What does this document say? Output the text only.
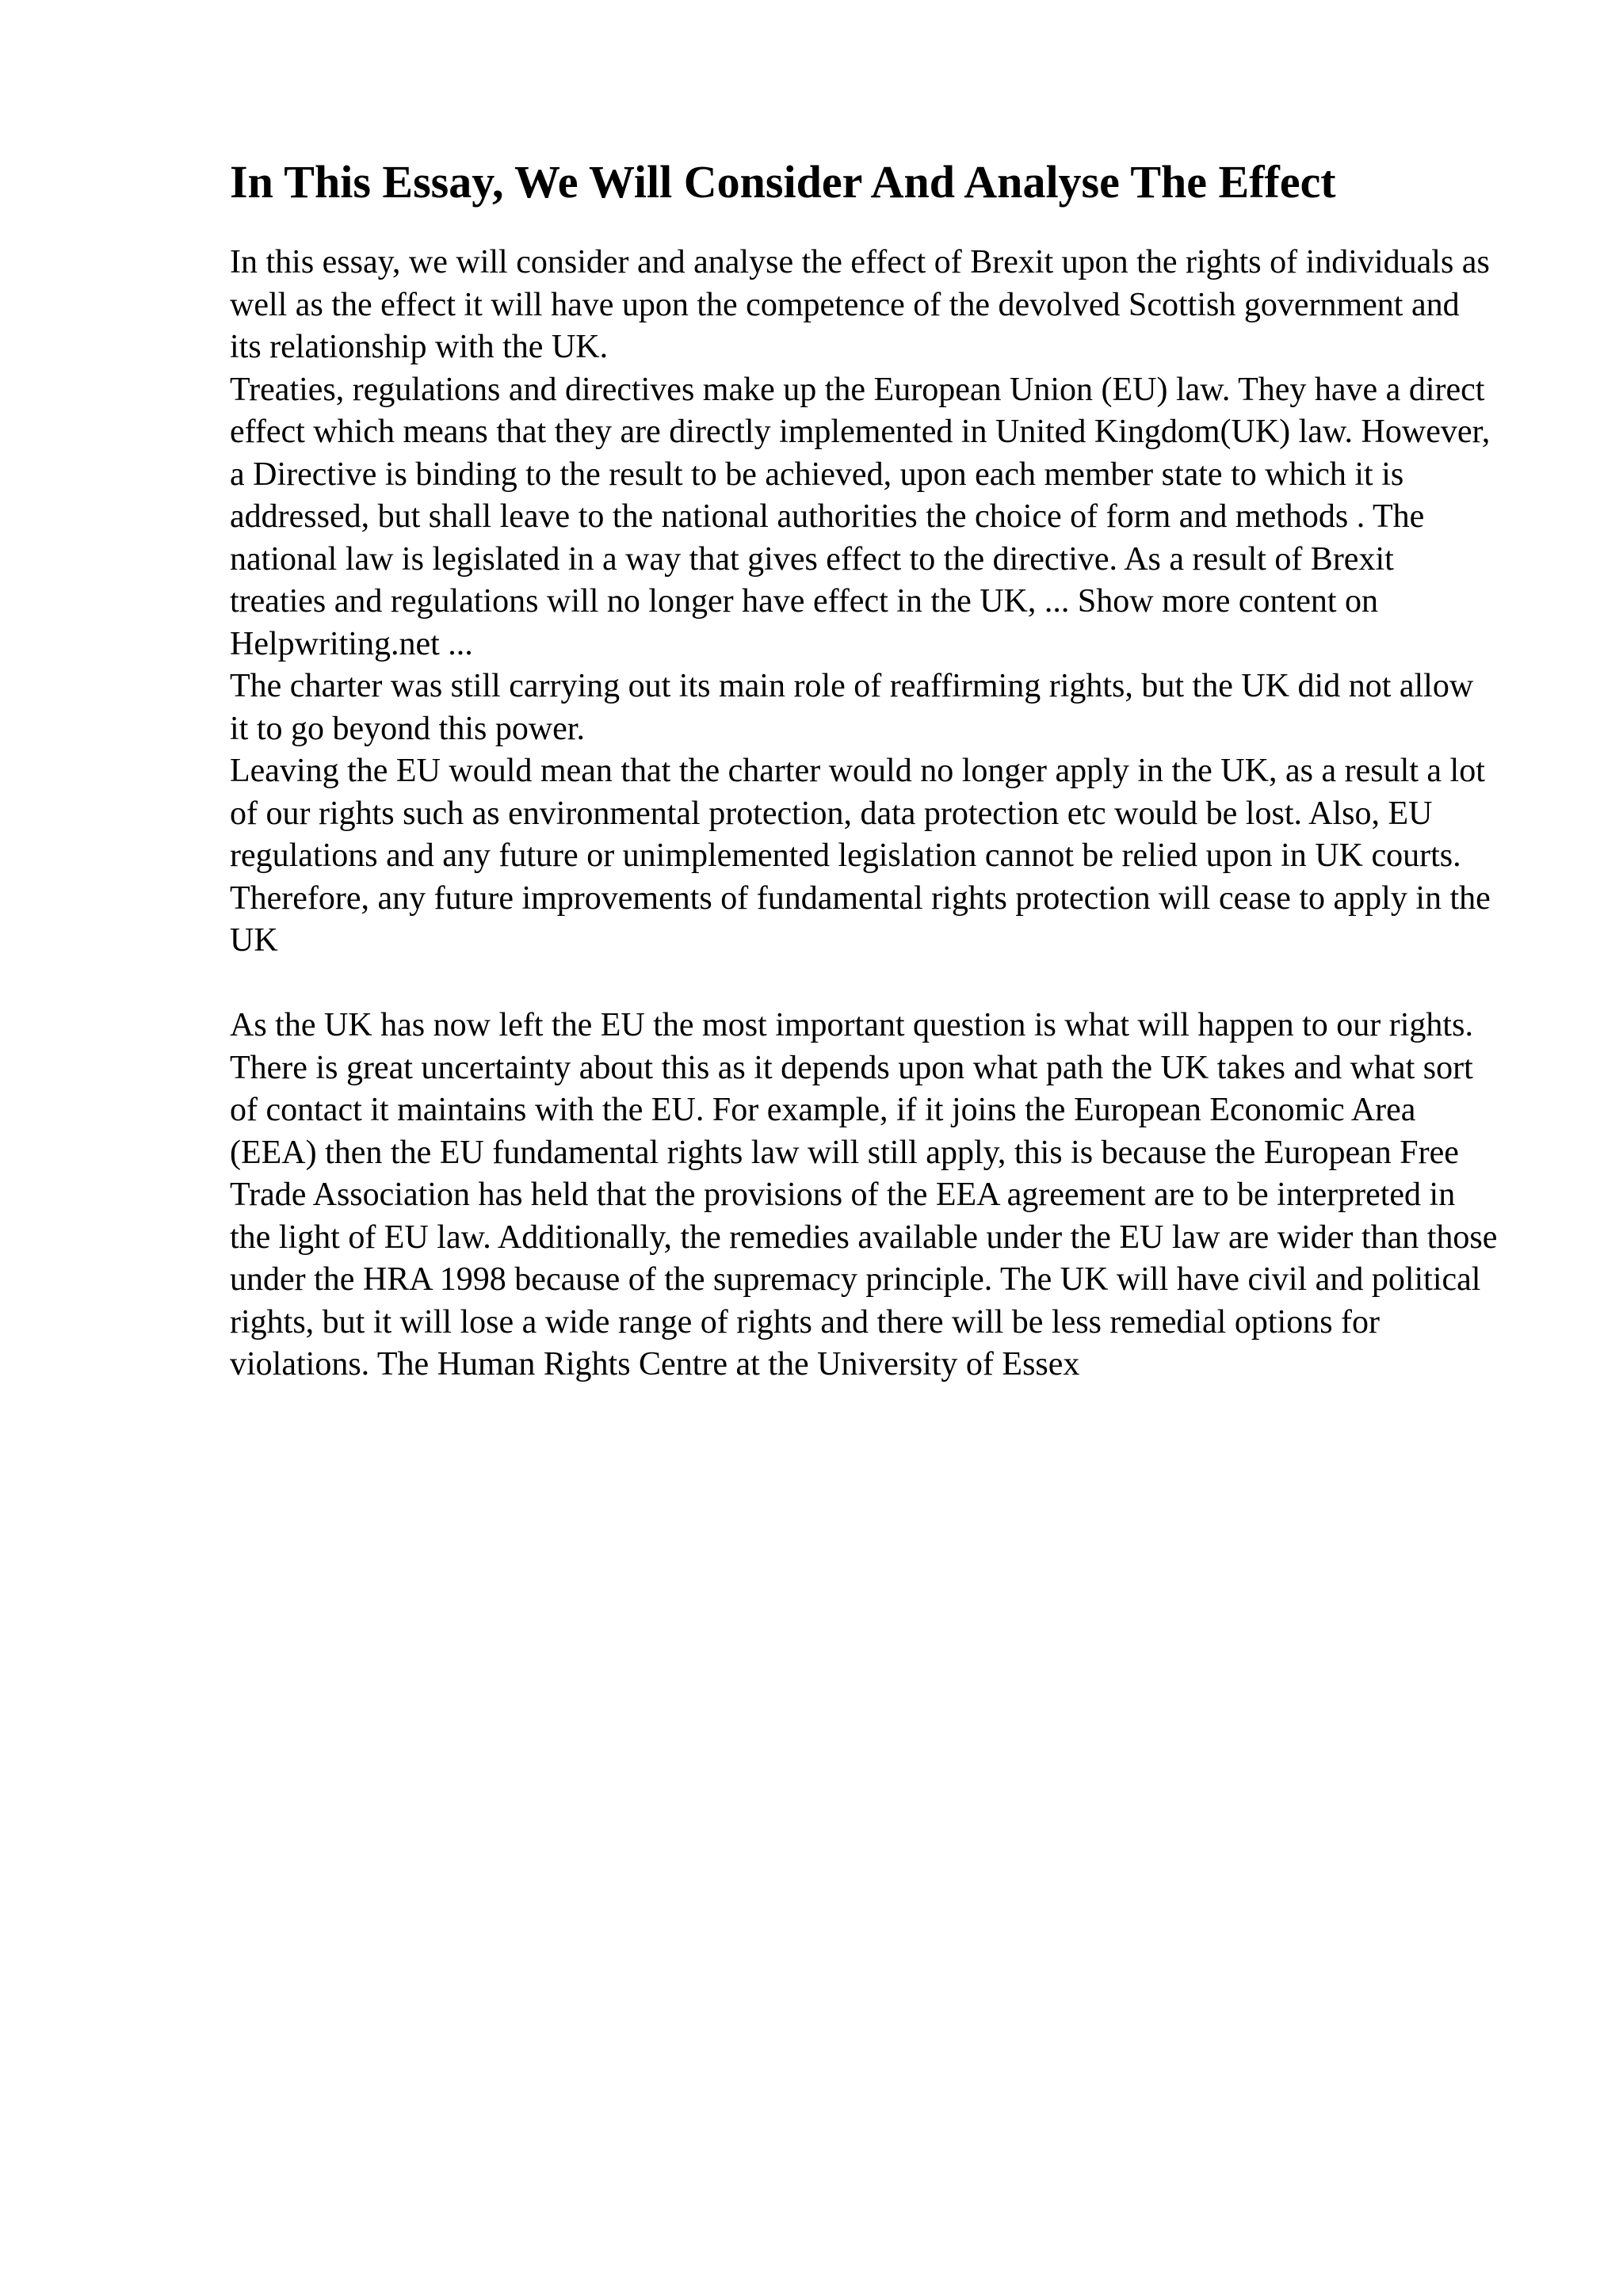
In This Essay, We Will Consider And Analyse The Effect

In this essay, we will consider and analyse the effect of Brexit upon the rights of individuals as well as the effect it will have upon the competence of the devolved Scottish government and its relationship with the UK.

Treaties, regulations and directives make up the European Union (EU) law. They have a direct effect which means that they are directly implemented in United Kingdom(UK) law. However, a Directive is binding to the result to be achieved, upon each member state to which it is addressed, but shall leave to the national authorities the choice of form and methods . The national law is legislated in a way that gives effect to the directive. As a result of Brexit treaties and regulations will no longer have effect in the UK, ... Show more content on Helpwriting.net ...

The charter was still carrying out its main role of reaffirming rights, but the UK did not allow it to go beyond this power.

Leaving the EU would mean that the charter would no longer apply in the UK, as a result a lot of our rights such as environmental protection, data protection etc would be lost. Also, EU regulations and any future or unimplemented legislation cannot be relied upon in UK courts. Therefore, any future improvements of fundamental rights protection will cease to apply in the UK

As the UK has now left the EU the most important question is what will happen to our rights. There is great uncertainty about this as it depends upon what path the UK takes and what sort of contact it maintains with the EU. For example, if it joins the European Economic Area (EEA) then the EU fundamental rights law will still apply, this is because the European Free Trade Association has held that the provisions of the EEA agreement are to be interpreted in the light of EU law. Additionally, the remedies available under the EU law are wider than those under the HRA 1998 because of the supremacy principle. The UK will have civil and political rights, but it will lose a wide range of rights and there will be less remedial options for violations. The Human Rights Centre at the University of Essex
